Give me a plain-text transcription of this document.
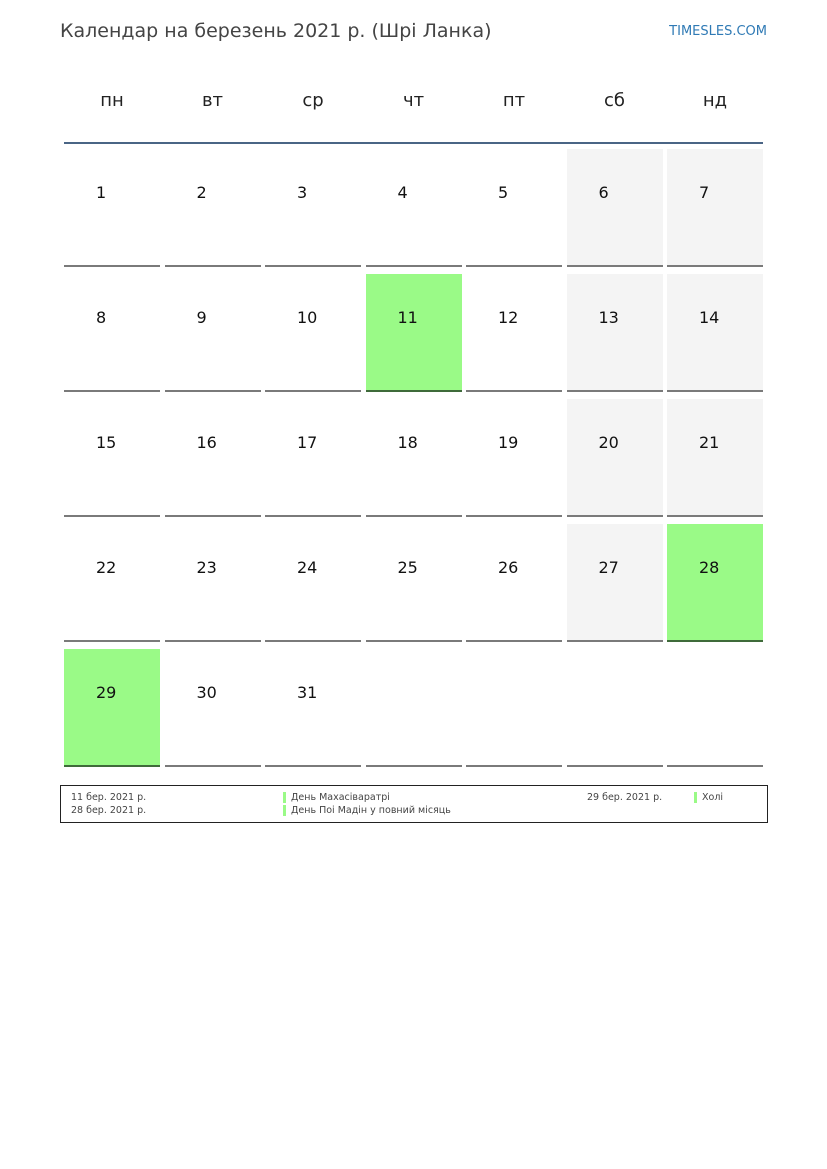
Календар на березень 2021 р. (Шрі Ланка)	TIMESLES.COM
пн	вт	ср	чт	пт	сб	нд
1	2	3	4	5	6	7
8	9	10	11	12	13	14
15	16	17	18	19	20	21
22	23	24	25	26	27	28
29	30	31
11 бер. 2021 р.	День Махасіваратрі
28 бер. 2021 р.	День Поі Мадін у повний місяць
29 бер. 2021 р.	Холі
